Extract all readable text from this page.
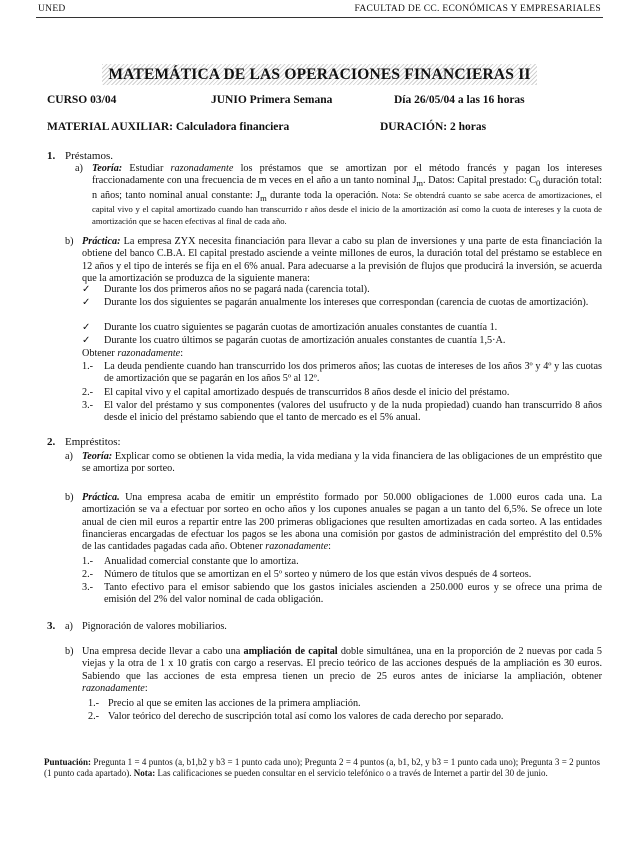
UNED	FACULTAD DE CC. ECONÓMICAS Y EMPRESARIALES
MATEMÁTICA DE LAS OPERACIONES FINANCIERAS II
CURSO 03/04	JUNIO Primera Semana	Día 26/05/04 a las 16 horas
MATERIAL AUXILIAR: Calculadora financiera	DURACIÓN: 2 horas
1. Préstamos.
a) Teoría: Estudiar razonadamente los préstamos que se amortizan por el método francés y pagan los intereses fraccionadamente con una frecuencia de m veces en el año a un tanto nominal $J_m$. Datos: Capital prestado: $C_0$ duración total: n años; tanto nominal anual constante: $J_m$ durante toda la operación. Nota: Se obtendrá cuanto se sabe acerca de amortizaciones, el capital vivo y el capital amortizado cuando han transcurrido r años desde el inicio de la amortización así como la cuota de intereses y la cuota de amortización que se hacen efectivas al final de cada año.
b) Práctica: La empresa ZYX necesita financiación para llevar a cabo su plan de inversiones y una parte de esta financiación la obtiene del banco C.B.A. El capital prestado asciende a veinte millones de euros, la duración total del préstamo se establece en 12 años y el tipo de interés se fija en el 6% anual. Para adecuarse a la previsión de flujos que producirá la inversión, se acuerda que la amortización se produzca de la siguiente manera:
✓ Durante los dos primeros años no se pagará nada (carencia total).
✓ Durante los dos siguientes se pagarán anualmente los intereses que correspondan (carencia de cuotas de amortización).
✓ Durante los cuatro siguientes se pagarán cuotas de amortización anuales constantes de cuantía 1.
✓ Durante los cuatro últimos se pagarán cuotas de amortización anuales constantes de cuantía 1,5·A.
Obtener razonadamente:
1.- La deuda pendiente cuando han transcurrido los dos primeros años; las cuotas de intereses de los años 3º y 4º y las cuotas de amortización que se pagarán en los años 5º al 12º.
2.- El capital vivo y el capital amortizado después de transcurridos 8 años desde el inicio del préstamo.
3.- El valor del préstamo y sus componentes (valores del usufructo y de la nuda propiedad) cuando han transcurrido 8 años desde el inicio del préstamo sabiendo que el tanto de mercado es el 5% anual.
2. Empréstitos:
a) Teoría: Explicar como se obtienen la vida media, la vida mediana y la vida financiera de las obligaciones de un empréstito que se amortiza por sorteo.
b) Práctica. Una empresa acaba de emitir un empréstito formado por 50.000 obligaciones de 1.000 euros cada una. La amortización se va a efectuar por sorteo en ocho años y los cupones anuales se pagan a un tanto del 6,5%. Se ofrece un lote anual de cien mil euros a repartir entre las 200 primeras obligaciones que resulten amortizadas en cada sorteo. A las entidades financieras encargadas de efectuar los pagos se les abona una comisión por gastos de administración del empréstito del 0.5% de las cantidades pagadas cada año. Obtener razonadamente:
1.- Anualidad comercial constante que lo amortiza.
2.- Número de títulos que se amortizan en el 5º sorteo y número de los que están vivos después de 4 sorteos.
3.- Tanto efectivo para el emisor sabiendo que los gastos iniciales ascienden a 250.000 euros y se ofrece una prima de emisión del 2% del valor nominal de cada obligación.
3. a) Pignoración de valores mobiliarios.
b) Una empresa decide llevar a cabo una ampliación de capital doble simultánea, una en la proporción de 2 nuevas por cada 5 viejas y la otra de 1 x 10 gratis con cargo a reservas. El precio teórico de las acciones después de la ampliación es 30 euros. Sabiendo que las acciones de esta empresa tienen un precio de 25 euros antes de iniciarse la ampliación, obtener razonadamente:
1.- Precio al que se emiten las acciones de la primera ampliación.
2.- Valor teórico del derecho de suscripción total así como los valores de cada derecho por separado.
Puntuación: Pregunta 1 = 4 puntos (a, b1,b2 y b3 = 1 punto cada uno); Pregunta 2 = 4 puntos (a, b1, b2, y b3 = 1 punto cada uno); Pregunta 3 = 2 puntos (1 punto cada apartado). Nota: Las calificaciones se pueden consultar en el servicio telefónico o a través de Internet a partir del 30 de junio.
